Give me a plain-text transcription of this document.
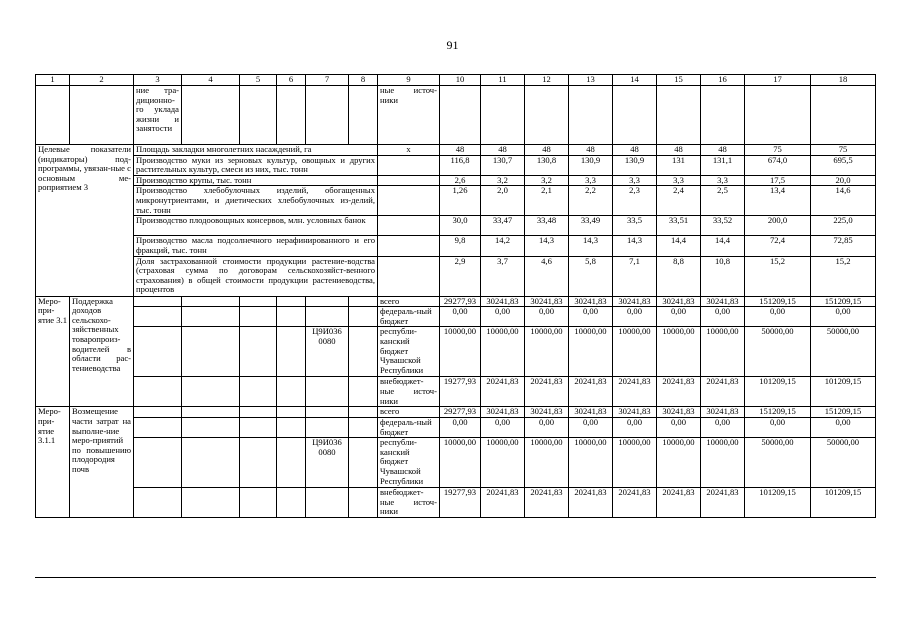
91
1	2	3	4	5	6	7	8	9	10	11	12	13	14	15	16	17	18
		ние тра-диционно-го уклада жизни и занятости						ные источ-ники									
Целевые показатели (индикаторы) под-программы, увязан-ные с основным ме-роприятием 3		Площадь закладки многолетних насаждений, га						х	48	48	48	48	48	48	48	75	75
		Производство муки из зерновых культур, овощных и других растительных культур, смеси из них, тыс. тонн							116,8	130,7	130,8	130,9	130,9	131	131,1	674,0	695,5
		Производство крупы, тыс. тонн							2,6	3,2	3,2	3,3	3,3	3,3	3,3	17,5	20,0
		Производство хлебобулочных изделий, обогащенных микронутриентами, и диетических хлебобулочных из-делий, тыс. тонн							1,26	2,0	2,1	2,2	2,3	2,4	2,5	13,4	14,6
		Производство плодоовощных консервов, млн. условных банок							30,0	33,47	33,48	33,49	33,5	33,51	33,52	200,0	225,0
		Производство масла подсолнечного нерафинированного и его фракций, тыс. тонн							9,8	14,2	14,3	14,3	14,3	14,4	14,4	72,4	72,85
		Доля застрахованной стоимости продукции растение-водства (страховая сумма по договорам сельскохозяйст-венного страхования) в общей стоимости продукции растениеводства, процентов							2,9	3,7	4,6	5,8	7,1	8,8	10,8	15,2	15,2
Меро-при-ятие 3.1	Поддержка доходов сельскохо-зяйственных товаропроиз-водителей в области рас-тениеводства							всего	29277,93	30241,83	30241,83	30241,83	30241,83	30241,83	30241,83	151209,15	151209,15
								федераль-ный бюджет	0,00	0,00	0,00	0,00	0,00	0,00	0,00	0,00	0,00
						Ц9И036 0080		республи-канский бюджет Чувашской Республики	10000,00	10000,00	10000,00	10000,00	10000,00	10000,00	10000,00	50000,00	50000,00
								внебюджет-ные источ-ники	19277,93	20241,83	20241,83	20241,83	20241,83	20241,83	20241,83	101209,15	101209,15
Меро-при-ятие 3.1.1	Возмещение части затрат на выполне-ние меро-приятий по повышению плодородия почв							всего	29277,93	30241,83	30241,83	30241,83	30241,83	30241,83	30241,83	151209,15	151209,15
								федераль-ный бюджет	0,00	0,00	0,00	0,00	0,00	0,00	0,00	0,00	0,00
						Ц9И036 0080		республи-канский бюджет Чувашской Республики	10000,00	10000,00	10000,00	10000,00	10000,00	10000,00	10000,00	50000,00	50000,00
								внебюджет-ные источ-ники	19277,93	20241,83	20241,83	20241,83	20241,83	20241,83	20241,83	101209,15	101209,15
